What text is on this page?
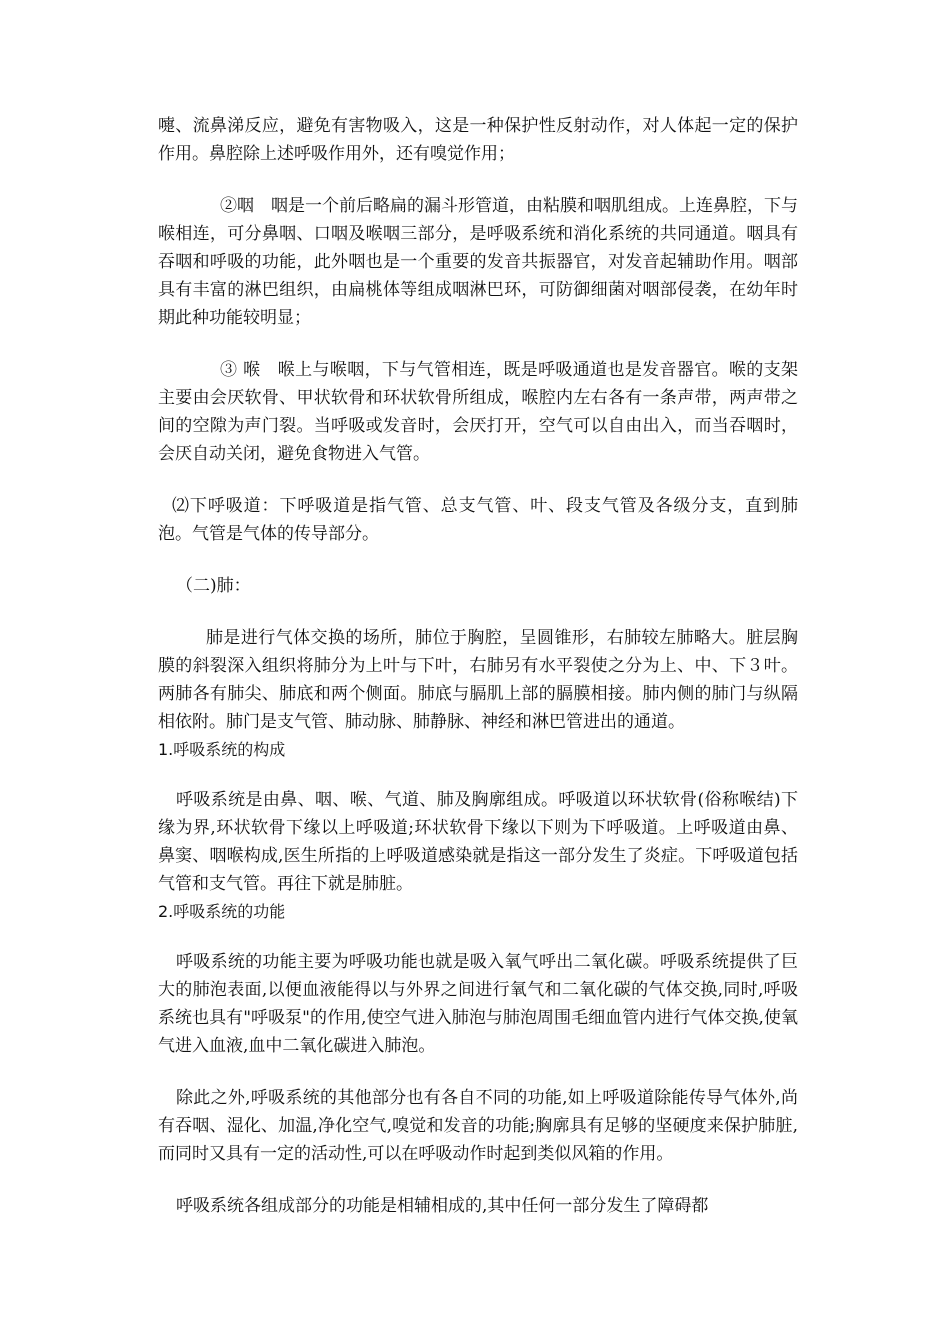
嚏、流鼻涕反应，避免有害物吸入，这是一种保护性反射动作，对人体起一定的保护作用。鼻腔除上述呼吸作用外，还有嗅觉作用；

②咽　咽是一个前后略扁的漏斗形管道，由粘膜和咽肌组成。上连鼻腔，下与喉相连，可分鼻咽、口咽及喉咽三部分，是呼吸系统和消化系统的共同通道。咽具有吞咽和呼吸的功能，此外咽也是一个重要的发音共振器官，对发音起辅助作用。咽部具有丰富的淋巴组织，由扁桃体等组成咽淋巴环，可防御细菌对咽部侵袭，在幼年时期此种功能较明显；

③ 喉　喉上与喉咽，下与气管相连，既是呼吸通道也是发音器官。喉的支架主要由会厌软骨、甲状软骨和环状软骨所组成，喉腔内左右各有一条声带，两声带之间的空隙为声门裂。当呼吸或发音时，会厌打开，空气可以自由出入，而当吞咽时，会厌自动关闭，避免食物进入气管。

⑵下呼吸道：下呼吸道是指气管、总支气管、叶、段支气管及各级分支，直到肺泡。气管是气体的传导部分。

（二)肺：

肺是进行气体交换的场所，肺位于胸腔，呈圆锥形，右肺较左肺略大。脏层胸膜的斜裂深入组织将肺分为上叶与下叶，右肺另有水平裂使之分为上、中、下３叶。两肺各有肺尖、肺底和两个侧面。肺底与膈肌上部的膈膜相接。肺内侧的肺门与纵隔相依附。肺门是支气管、肺动脉、肺静脉、神经和淋巴管进出的通道。

1.呼吸系统的构成

呼吸系统是由鼻、咽、喉、气道、肺及胸廓组成。呼吸道以环状软骨(俗称喉结)下缘为界,环状软骨下缘以上呼吸道;环状软骨下缘以下则为下呼吸道。上呼吸道由鼻、鼻窦、咽喉构成,医生所指的上呼吸道感染就是指这一部分发生了炎症。下呼吸道包括气管和支气管。再往下就是肺脏。

2.呼吸系统的功能

呼吸系统的功能主要为呼吸功能也就是吸入氧气呼出二氧化碳。呼吸系统提供了巨大的肺泡表面,以便血液能得以与外界之间进行氧气和二氧化碳的气体交换,同时,呼吸系统也具有"呼吸泵"的作用,使空气进入肺泡与肺泡周围毛细血管内进行气体交换,使氧气进入血液,血中二氧化碳进入肺泡。

除此之外,呼吸系统的其他部分也有各自不同的功能,如上呼吸道除能传导气体外,尚有吞咽、湿化、加温,净化空气,嗅觉和发音的功能;胸廓具有足够的坚硬度来保护肺脏,而同时又具有一定的活动性,可以在呼吸动作时起到类似风箱的作用。

呼吸系统各组成部分的功能是相辅相成的,其中任何一部分发生了障碍都
